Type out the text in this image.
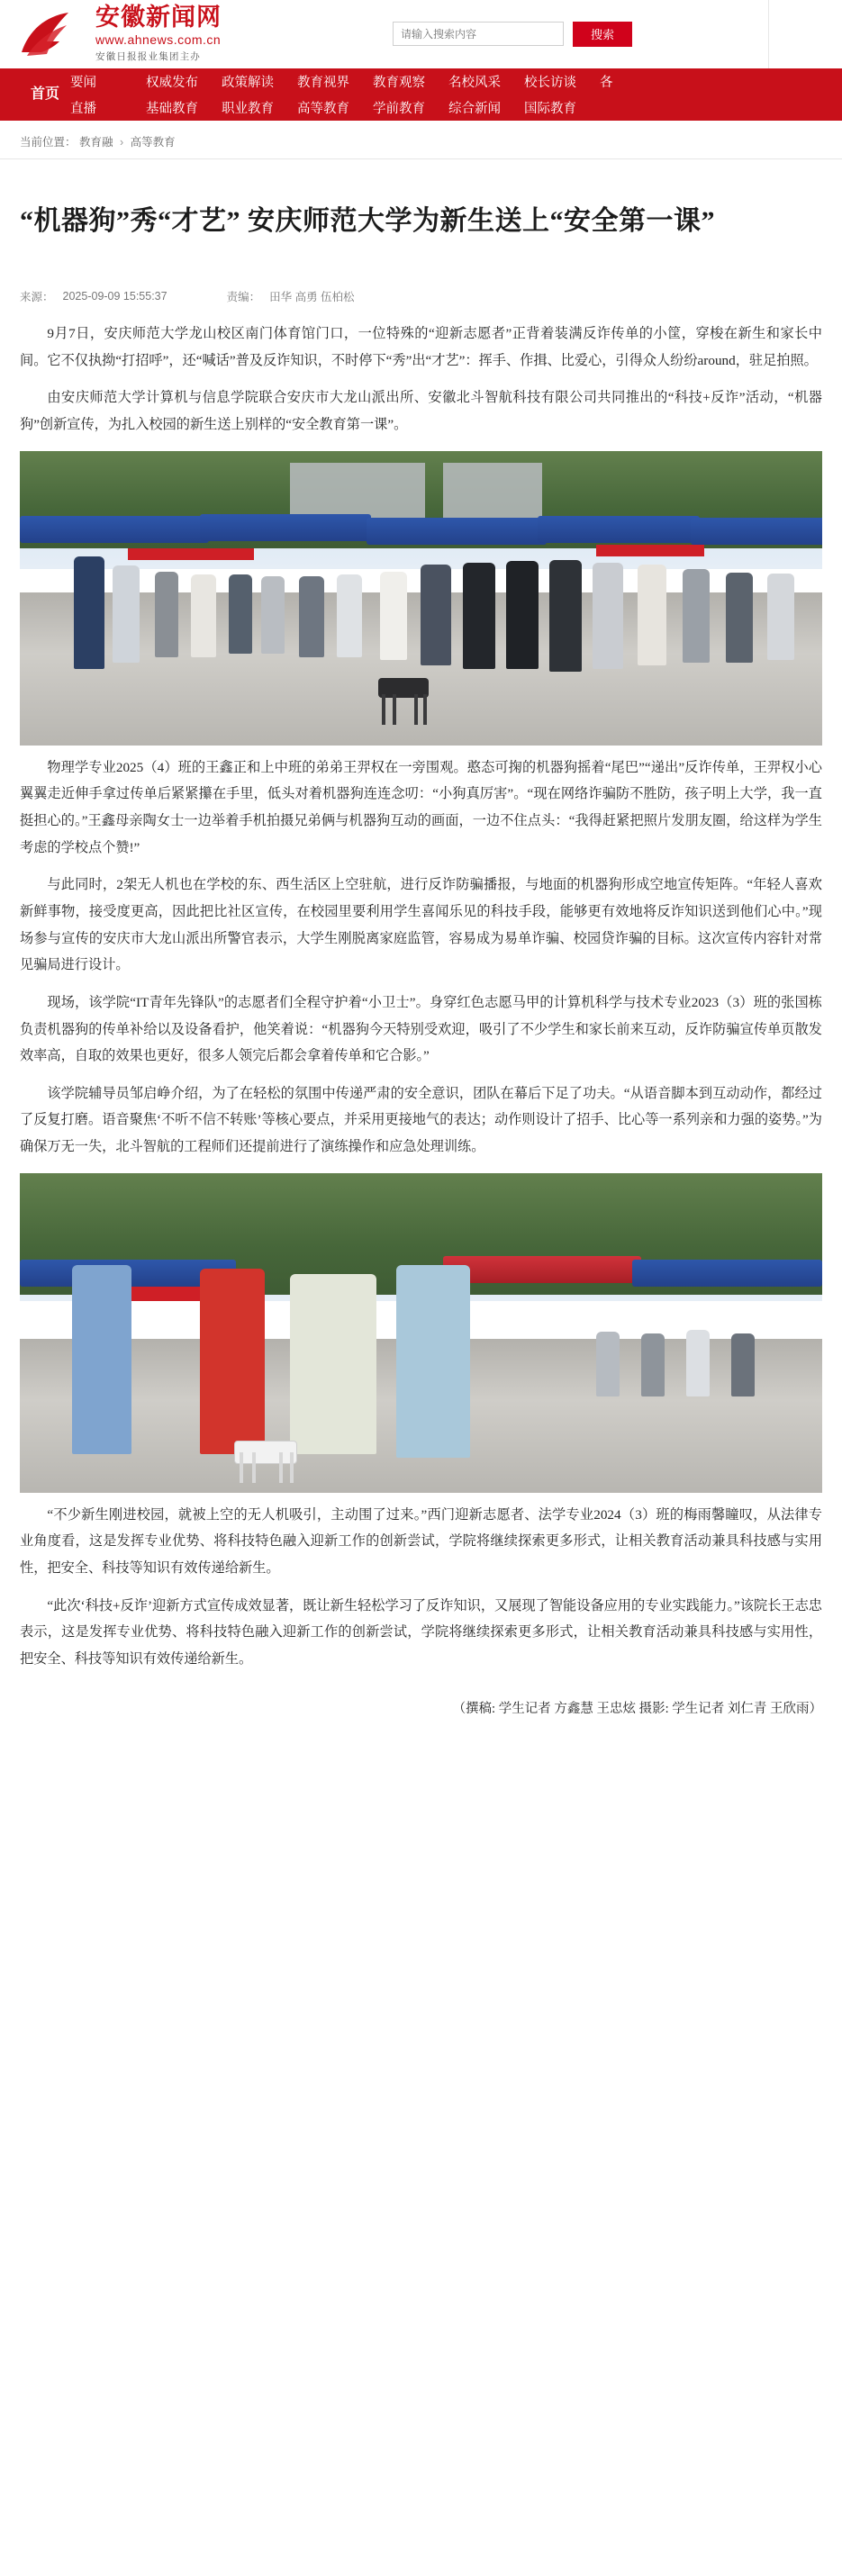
安徽新闻网
www.ahnews.com.cn
安徽日报报业集团主办
请输入搜索内容
搜索
首页
要闻	权威发布	政策解读	教育视界	教育观察	名校风采	校长访谈	各
直播	基础教育	职业教育	高等教育	学前教育	综合新闻	国际教育
当前位置： 教育融 › 高等教育
“机器狗”秀“才艺” 安庆师范大学为新生送上“安全第一课”
来源： 2025-09-09 15:55:37	责编： 田华 高勇 伍柏松

9月7日，安庆师范大学龙山校区南门体育馆门口，一位特殊的“迎新志愿者”正背着装满反诈传单的小筐，穿梭在新生和家长中间。它不仅执拗“打招呼”，还“喊话”普及反诈知识，不时停下“秀”出“才艺”：挥手、作揖、比爱心，引得众人纷纷around，驻足拍照。

由安庆师范大学计算机与信息学院联合安庆市大龙山派出所、安徽北斗智航科技有限公司共同推出的“科技+反诈”活动，“机器狗”创新宣传，为扎入校园的新生送上别样的“安全教育第一课”。

物理学专业2025（4）班的王鑫正和上中班的弟弟王羿权在一旁围观。憨态可掬的机器狗摇着“尾巴”“递出”反诈传单，王羿权小心翼翼走近伸手拿过传单后紧紧攥在手里，低头对着机器狗连连念叨：“小狗真厉害”。“现在网络诈骗防不胜防，孩子明上大学，我一直挺担心的。”王鑫母亲陶女士一边举着手机拍摄兄弟俩与机器狗互动的画面，一边不住点头：“我得赶紧把照片发朋友圈，给这样为学生考虑的学校点个赞!”

与此同时，2架无人机也在学校的东、西生活区上空驻航，进行反诈防骗播报，与地面的机器狗形成空地宣传矩阵。“年轻人喜欢新鲜事物，接受度更高，因此把比社区宣传，在校园里要利用学生喜闻乐见的科技手段，能够更有效地将反诈知识送到他们心中。”现场参与宣传的安庆市大龙山派出所警官表示，大学生刚脱离家庭监管，容易成为易单诈骗、校园贷诈骗的目标。这次宣传内容针对常见骗局进行设计。

现场，该学院“IT青年先锋队”的志愿者们全程守护着“小卫士”。身穿红色志愿马甲的计算机科学与技术专业2023（3）班的张国栋负责机器狗的传单补给以及设备看护，他笑着说：“机器狗今天特别受欢迎，吸引了不少学生和家长前来互动，反诈防骗宣传单页散发效率高，自取的效果也更好，很多人领完后都会拿着传单和它合影。”

该学院辅导员邹启峥介绍，为了在轻松的氛围中传递严肃的安全意识，团队在幕后下足了功夫。“从语音脚本到互动动作，都经过了反复打磨。语音聚焦‘不听不信不转账’等核心要点，并采用更接地气的表达；动作则设计了招手、比心等一系列亲和力强的姿势。”为确保万无一失，北斗智航的工程师们还提前进行了演练操作和应急处理训练。

“不少新生刚进校园，就被上空的无人机吸引，主动围了过来。”西门迎新志愿者、法学专业2024（3）班的梅雨馨瞳叹，从法律专业角度看，这是发挥专业优势、将科技特色融入迎新工作的创新尝试，学院将继续探索更多形式，让相关教育活动兼具科技感与实用性，把安全、科技等知识有效传递给新生。

“此次‘科技+反诈’迎新方式宣传成效显著，既让新生轻松学习了反诈知识，又展现了智能设备应用的专业实践能力。”该院长王志忠表示，这是发挥专业优势、将科技特色融入迎新工作的创新尝试，学院将继续探索更多形式，让相关教育活动兼具科技感与实用性，把安全、科技等知识有效传递给新生。

（撰稿: 学生记者 方鑫慧 王忠炫 摄影: 学生记者 刘仁青 王欣雨）
